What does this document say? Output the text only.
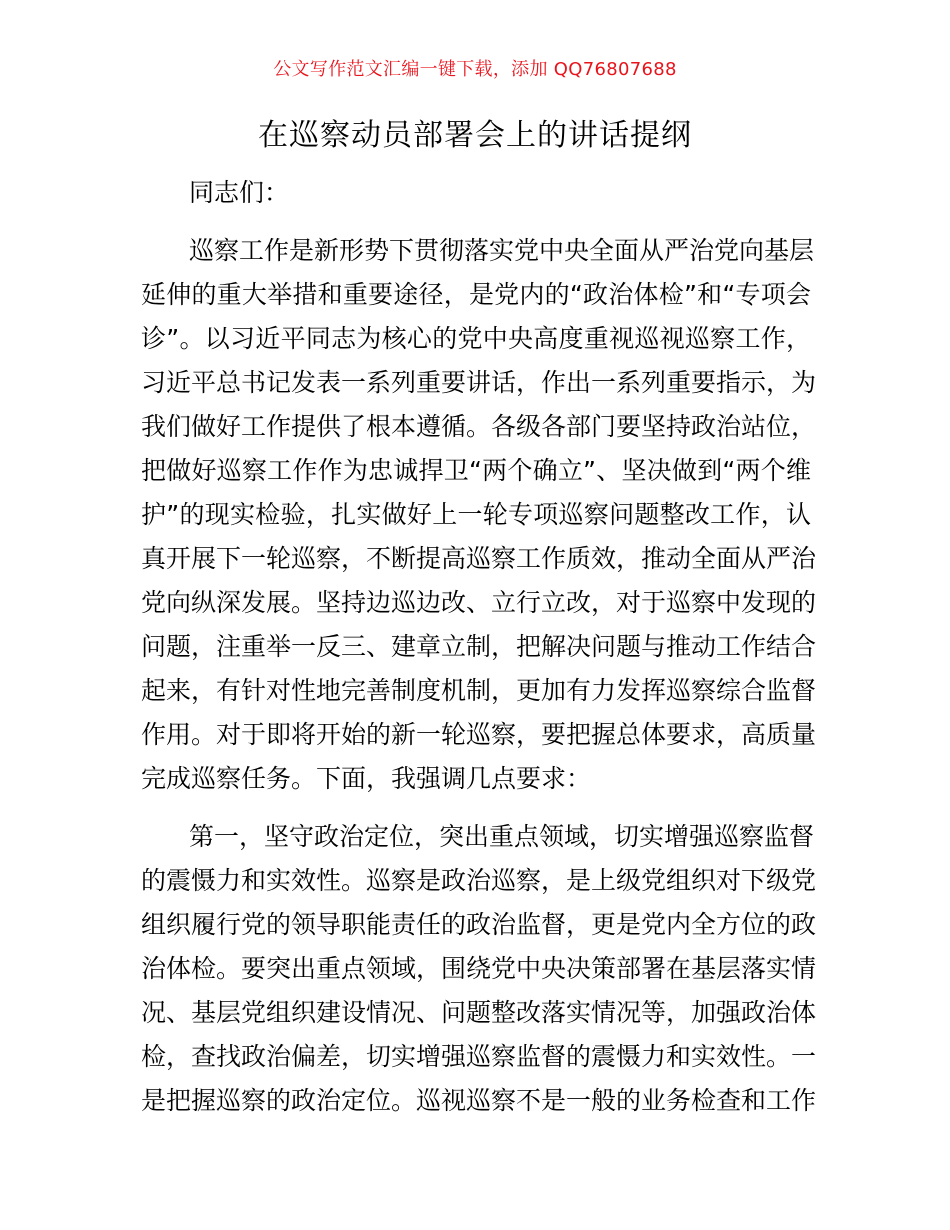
公文写作范文汇编一键下载，添加 QQ76807688
在巡察动员部署会上的讲话提纲
同志们：
巡察工作是新形势下贯彻落实党中央全面从严治党向基层
延伸的重大举措和重要途径，是党内的“政治体检”和“专项会
诊”。以习近平同志为核心的党中央高度重视巡视巡察工作，
习近平总书记发表一系列重要讲话，作出一系列重要指示，为
我们做好工作提供了根本遵循。各级各部门要坚持政治站位，
把做好巡察工作作为忠诚捍卫“两个确立”、坚决做到“两个维
护”的现实检验，扎实做好上一轮专项巡察问题整改工作，认
真开展下一轮巡察，不断提高巡察工作质效，推动全面从严治
党向纵深发展。坚持边巡边改、立行立改，对于巡察中发现的
问题，注重举一反三、建章立制，把解决问题与推动工作结合
起来，有针对性地完善制度机制，更加有力发挥巡察综合监督
作用。对于即将开始的新一轮巡察，要把握总体要求，高质量
完成巡察任务。下面，我强调几点要求：
第一，坚守政治定位，突出重点领域，切实增强巡察监督
的震慑力和实效性。巡察是政治巡察，是上级党组织对下级党
组织履行党的领导职能责任的政治监督，更是党内全方位的政
治体检。要突出重点领域，围绕党中央决策部署在基层落实情
况、基层党组织建设情况、问题整改落实情况等，加强政治体
检，查找政治偏差，切实增强巡察监督的震慑力和实效性。一
是把握巡察的政治定位。巡视巡察不是一般的业务检查和工作
